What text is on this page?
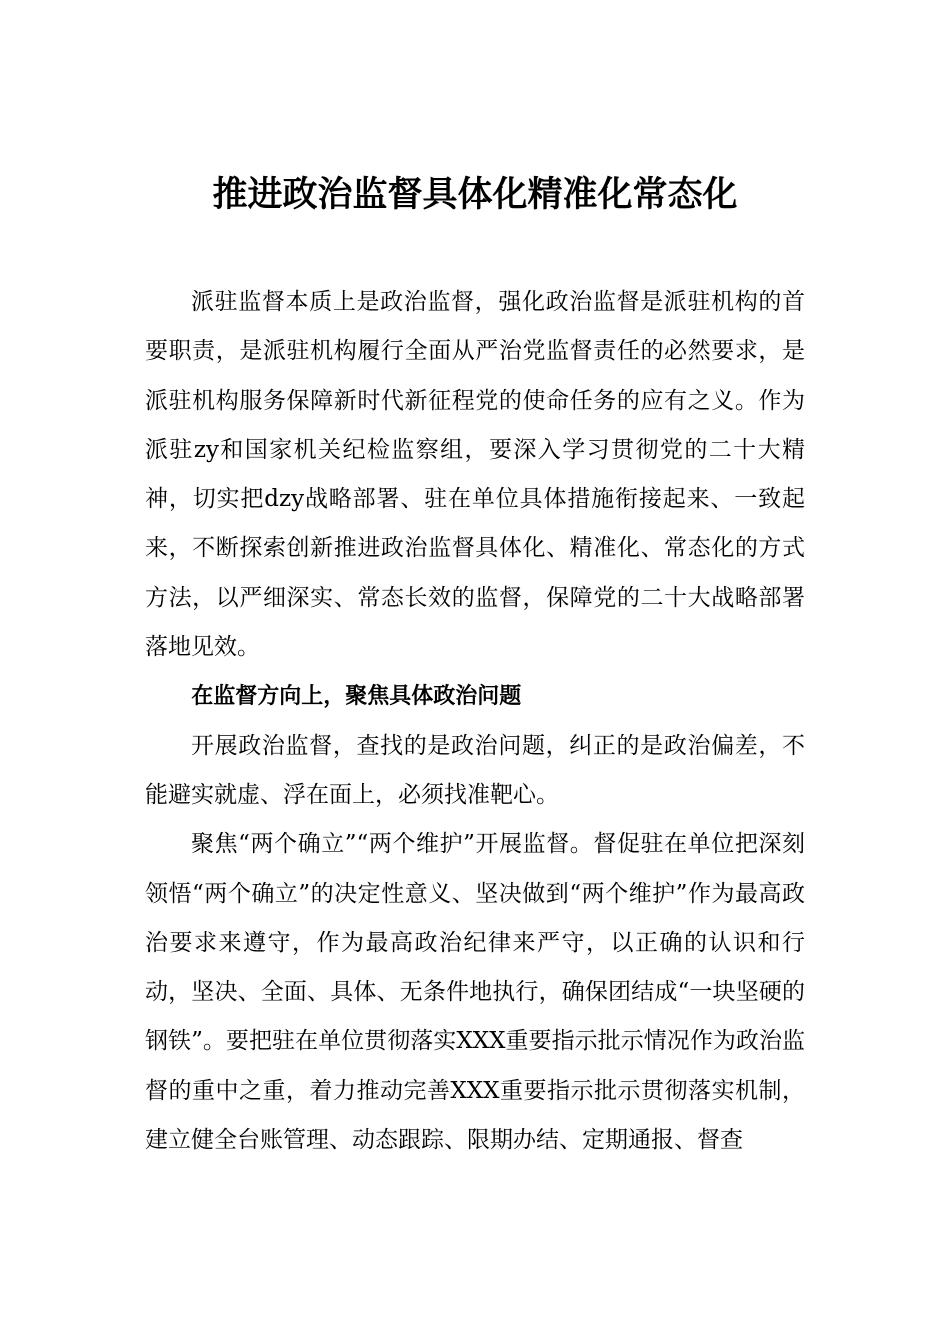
推进政治监督具体化精准化常态化

派驻监督本质上是政治监督，强化政治监督是派驻机构的首要职责，是派驻机构履行全面从严治党监督责任的必然要求，是派驻机构服务保障新时代新征程党的使命任务的应有之义。作为派驻zy和国家机关纪检监察组，要深入学习贯彻党的二十大精神，切实把dzy战略部署、驻在单位具体措施衔接起来、一致起来，不断探索创新推进政治监督具体化、精准化、常态化的方式方法，以严细深实、常态长效的监督，保障党的二十大战略部署落地见效。

在监督方向上，聚焦具体政治问题

开展政治监督，查找的是政治问题，纠正的是政治偏差，不能避实就虚、浮在面上，必须找准靶心。

聚焦“两个确立”“两个维护”开展监督。督促驻在单位把深刻领悟“两个确立”的决定性意义、坚决做到“两个维护”作为最高政治要求来遵守，作为最高政治纪律来严守，以正确的认识和行动，坚决、全面、具体、无条件地执行，确保团结成“一块坚硬的钢铁”。要把驻在单位贯彻落实XXX重要指示批示情况作为政治监督的重中之重，着力推动完善XXX重要指示批示贯彻落实机制，建立健全台账管理、动态跟踪、限期办结、定期通报、督查
